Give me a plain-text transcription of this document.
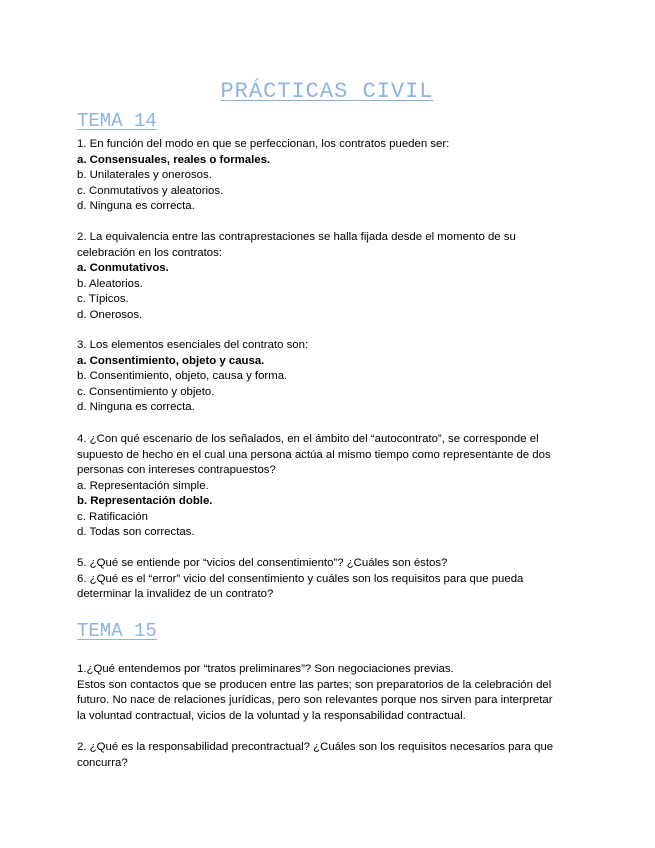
PRÁCTICAS CIVIL
TEMA 14

1. En función del modo en que se perfeccionan, los contratos pueden ser:

a. Consensuales, reales o formales.

b. Unilaterales y onerosos.

c. Conmutativos y aleatorios.

d. Ninguna es correcta.

2. La equivalencia entre las contraprestaciones se halla fijada desde el momento de su

celebración en los contratos:

a. Conmutativos.

b. Aleatorios.

c. Típicos.

d. Onerosos.

3. Los elementos esenciales del contrato son:

a. Consentimiento, objeto y causa.

b. Consentimiento, objeto, causa y forma.

c. Consentimiento y objeto.

d. Ninguna es correcta.

4. ¿Con qué escenario de los señalados, en el ámbito del “autocontrato”, se corresponde el

supuesto de hecho en el cual una persona actúa al mismo tiempo como representante de dos

personas con intereses contrapuestos?

a. Representación simple.

b. Representación doble.

c. Ratificación

d. Todas son correctas.

5. ¿Qué se entiende por “vicios del consentimiento”? ¿Cuáles son éstos?

6. ¿Qué es el “error” vicio del consentimiento y cuáles son los requisitos para que pueda

determinar la invalidez de un contrato?

TEMA 15

1.¿Qué entendemos por “tratos preliminares”? Son negociaciones previas.

Estos son contactos que se producen entre las partes; son preparatorios de la celebración del

futuro. No nace de relaciones jurídicas, pero son relevantes porque nos sirven para interpretar

la voluntad contractual, vicios de la voluntad y la responsabilidad contractual.

2. ¿Qué es la responsabilidad precontractual? ¿Cuáles son los requisitos necesarios para que

concurra?
